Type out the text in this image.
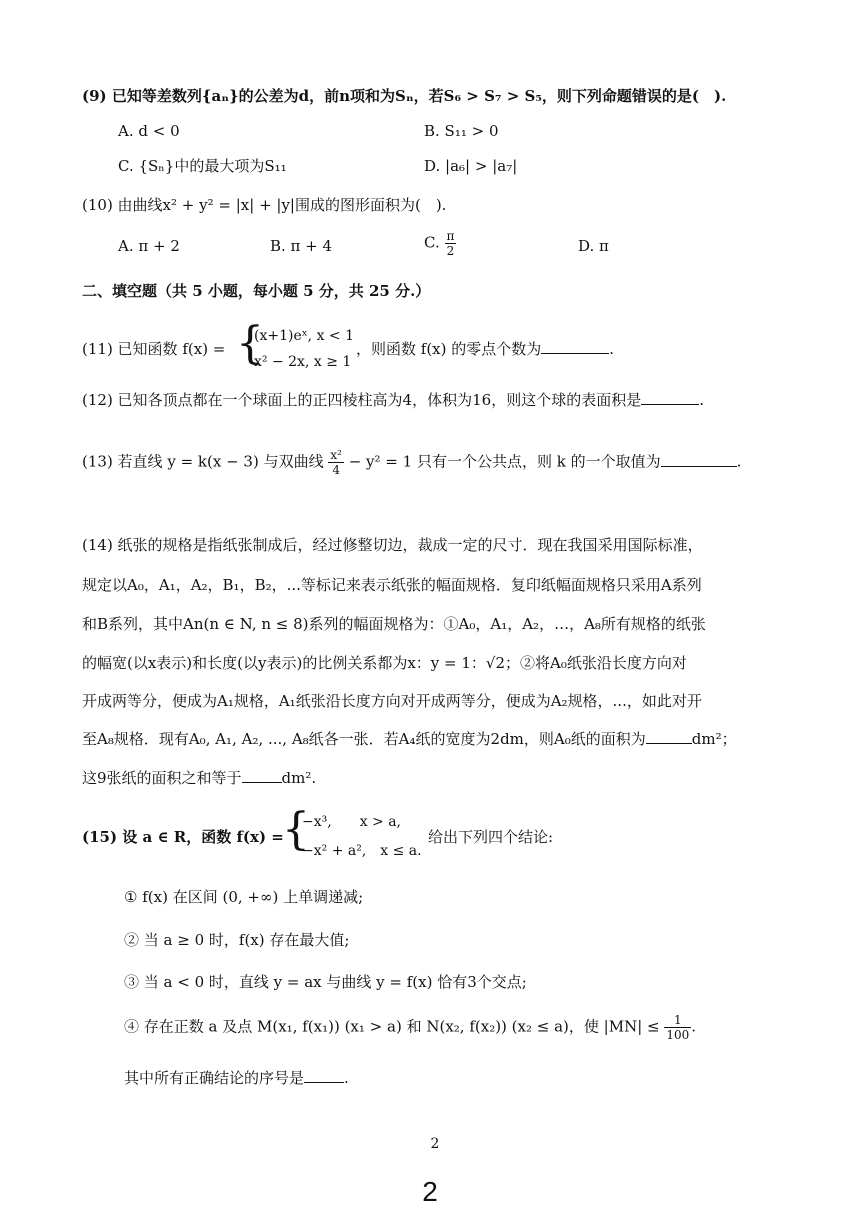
(9) 已知等差数列{aₙ}的公差为d，前n项和为Sₙ，若S₆ > S₇ > S₅，则下列命题错误的是(　).
A. d < 0	B. S₁₁ > 0
C. {Sₙ}中的最大项为S₁₁	D. |a₆| > |a₇|
(10) 由曲线x² + y² = |x| + |y|围成的图形面积为(　).
A. π + 2	B. π + 4	C. $\frac{\pi}{2}$	D. π
二、填空题（共 5 小题，每小题 5 分，共 25 分.）
(11) 已知函数 f(x) = {
(x+1)eˣ, x < 1
x² − 2x, x ≥ 1
，则函数 f(x) 的零点个数为	.
(12) 已知各顶点都在一个球面上的正四棱柱高为4，体积为16，则这个球的表面积是	.
(13) 若直线 y = k(x − 3) 与双曲线 $\frac{\text{x²}}{4} - y^2 = 1$ 只有一个公共点，则 k 的一个取值为	.
(14) 纸张的规格是指纸张制成后，经过修整切边，裁成一定的尺寸．现在我国采用国际标准，
规定以A₀，A₁，A₂，B₁，B₂，...等标记来表示纸张的幅面规格．复印纸幅面规格只采用A系列
和B系列，其中An(n ∈ N, n ≤ 8)系列的幅面规格为：①A₀，A₁，A₂，…，A₈所有规格的纸张
的幅宽(以x表示)和长度(以y表示)的比例关系都为x：y = 1：√2；②将A₀纸张沿长度方向对
开成两等分，便成为A₁规格，A₁纸张沿长度方向对开成两等分，便成为A₂规格，...，如此对开
至A₈规格．现有A₀, A₁, A₂, ..., A₈纸各一张．若A₄纸的宽度为2dm，则A₀纸的面积为	dm²；
这9张纸的面积之和等于	dm².
(15) 设 a ∈ R，函数 f(x) =
{
−x³,　　x > a,
−x² + a²,　x ≤ a.
给出下列四个结论:
① f(x) 在区间 (0, +∞) 上单调递减;
② 当 a ≥ 0 时，f(x) 存在最大值;
③ 当 a < 0 时，直线 y = ax 与曲线 y = f(x) 恰有3个交点;
④ 存在正数 a 及点 M(x₁, f(x₁)) (x₁ > a) 和 N(x₂, f(x₂)) (x₂ ≤ a)，使 $|MN| \le \frac{1}{100}$ .
其中所有正确结论的序号是	.
2
2
